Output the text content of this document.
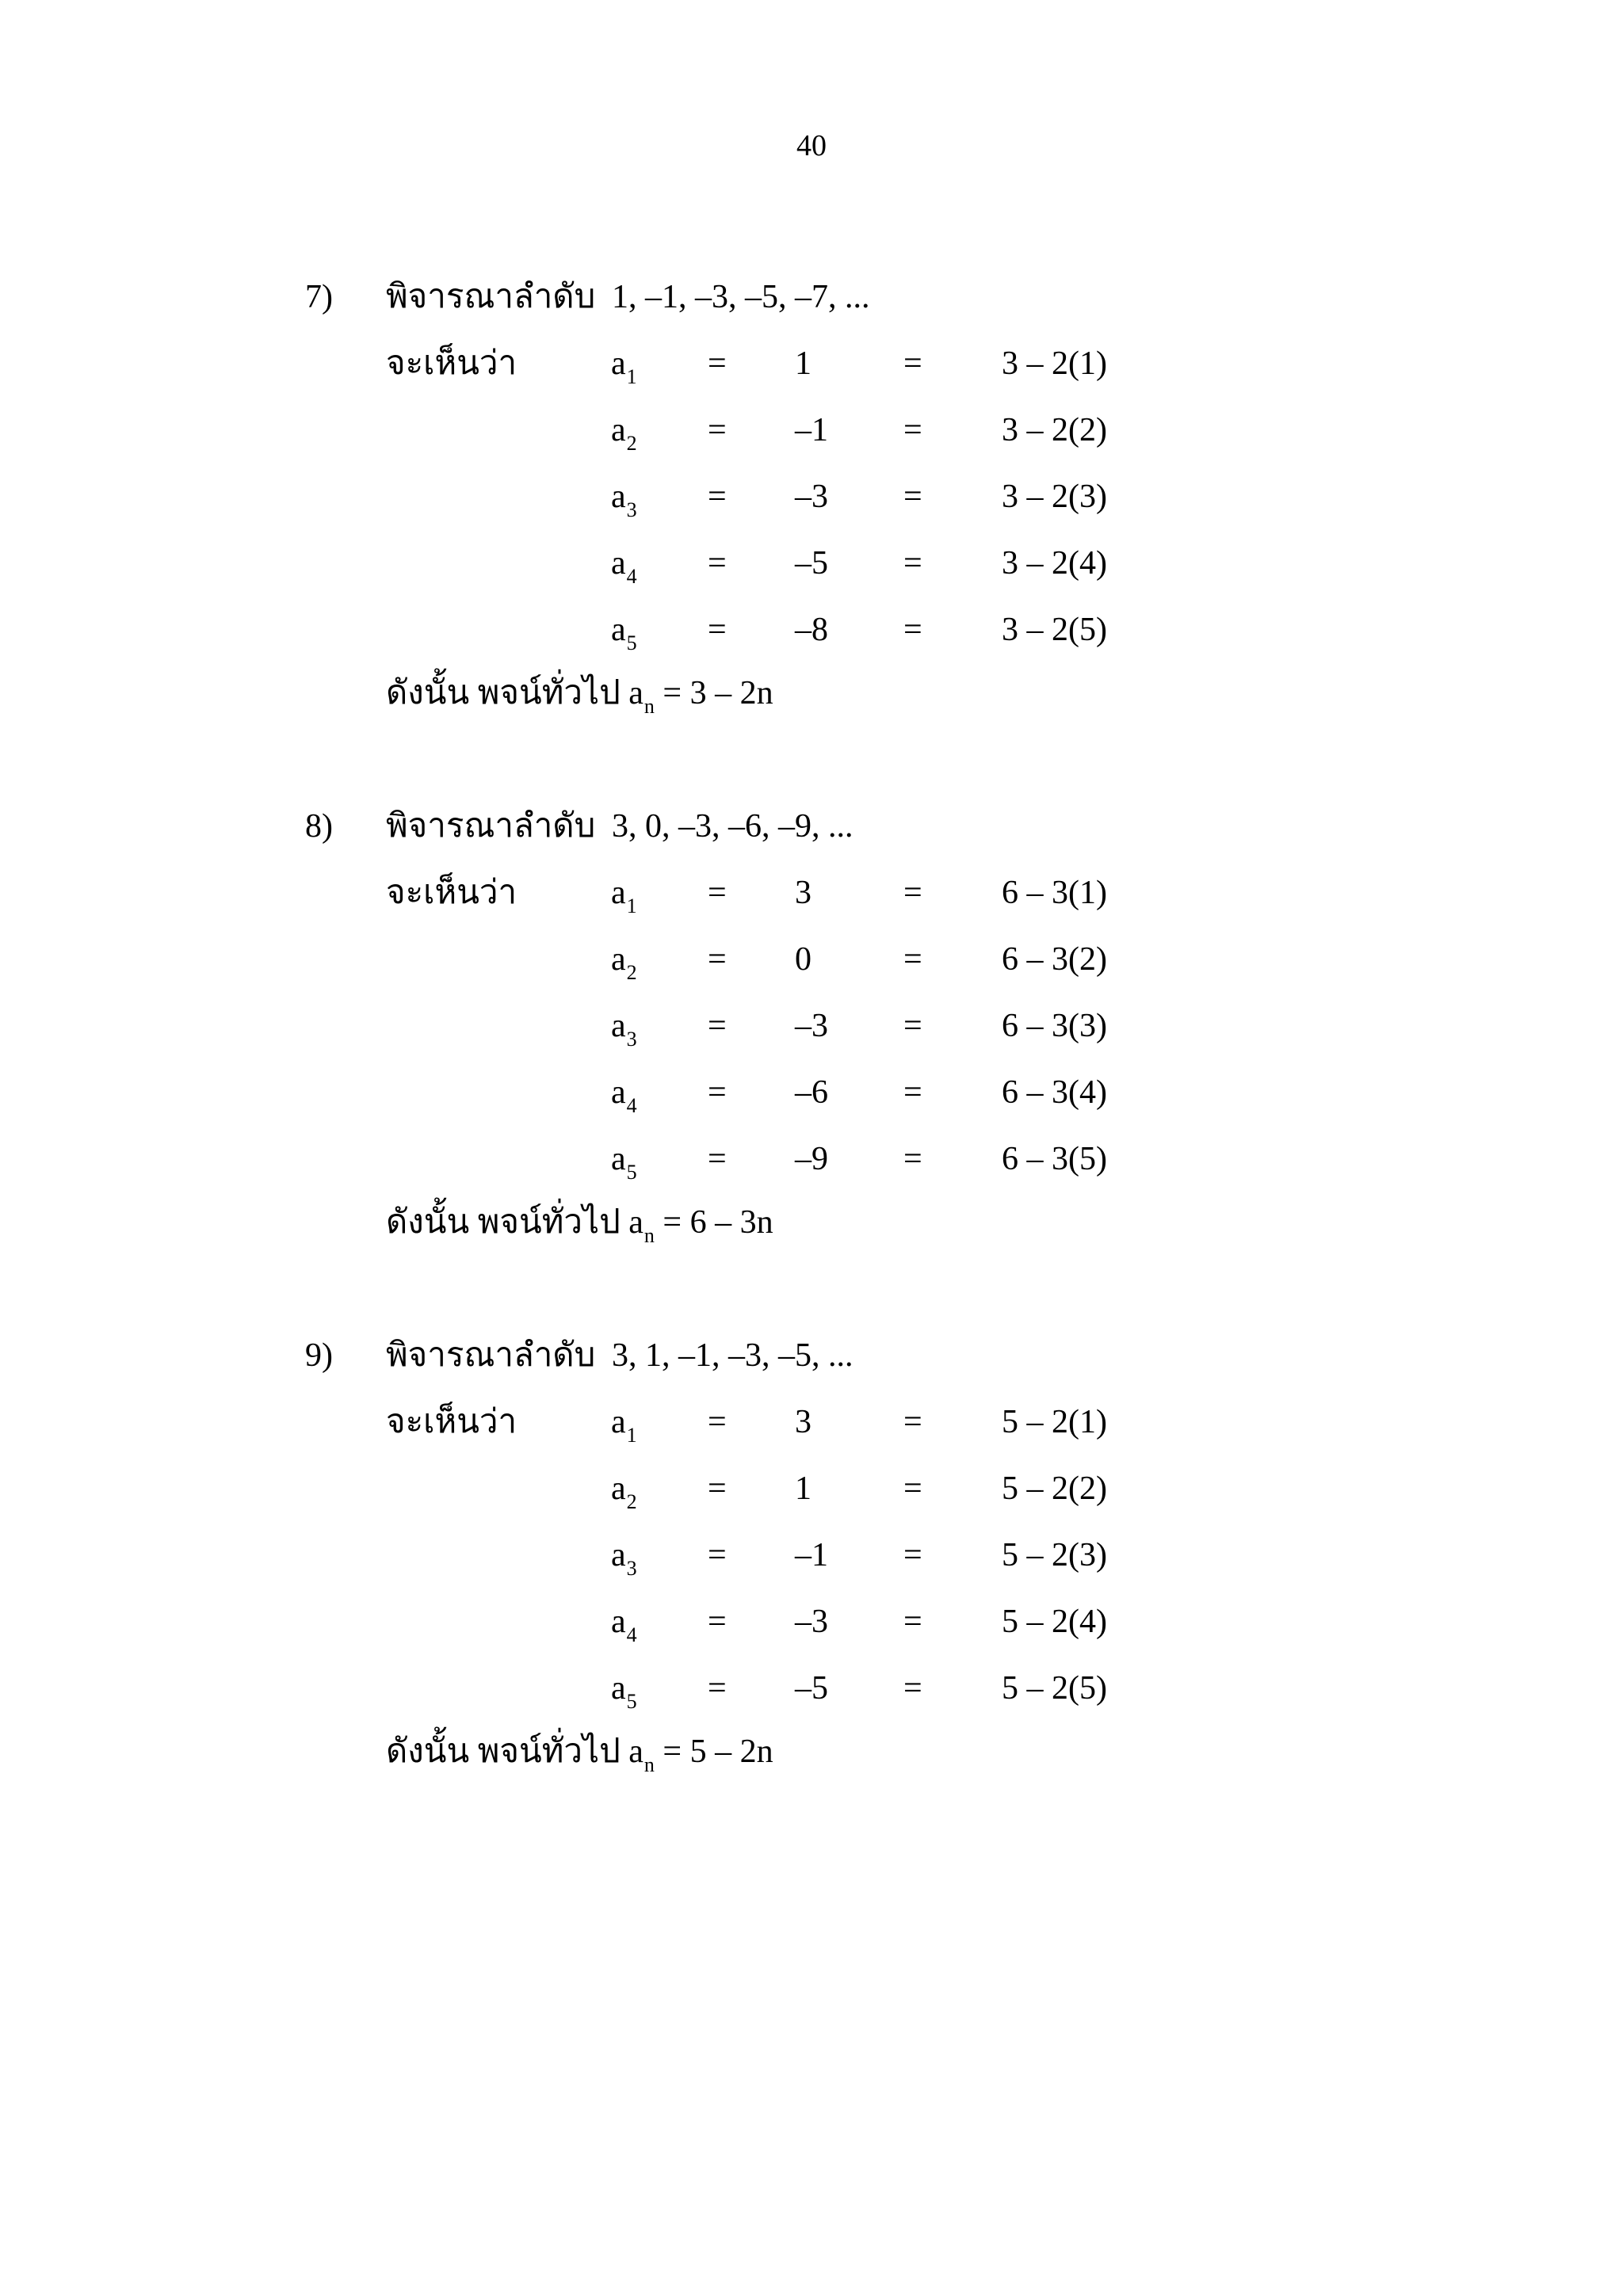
40
7) พิจารณาลำดับ 1, –1, –3, –5, –7, ...
จะเห็นว่า	$a_1 = 1$	= 3 – 2(1)
$a_2 = -1$	= 3 – 2(2)
$a_3 = -3$	= 3 – 2(3)
$a_4 = -5$	= 3 – 2(4)
$a_5 = -8$	= 3 – 2(5)
ดังนั้น พจน์ทั่วไป $a_n = 3 - 2n$
8) พิจารณาลำดับ 3, 0, –3, –6, –9, ...
จะเห็นว่า	$a_1 = 3$	= 6 – 3(1)
$a_2 = 0$	= 6 – 3(2)
$a_3 = -3$	= 6 – 3(3)
$a_4 = -6$	= 6 – 3(4)
$a_5 = -9$	= 6 – 3(5)
ดังนั้น พจน์ทั่วไป $a_n = 6 - 3n$
9) พิจารณาลำดับ 3, 1, –1, –3, –5, ...
จะเห็นว่า	$a_1 = 3$	= 5 – 2(1)
$a_2 = 1$	= 5 – 2(2)
$a_3 = -1$	= 5 – 2(3)
$a_4 = -3$	= 5 – 2(4)
$a_5 = -5$	= 5 – 2(5)
ดังนั้น พจน์ทั่วไป $a_n = 5 - 2n$
